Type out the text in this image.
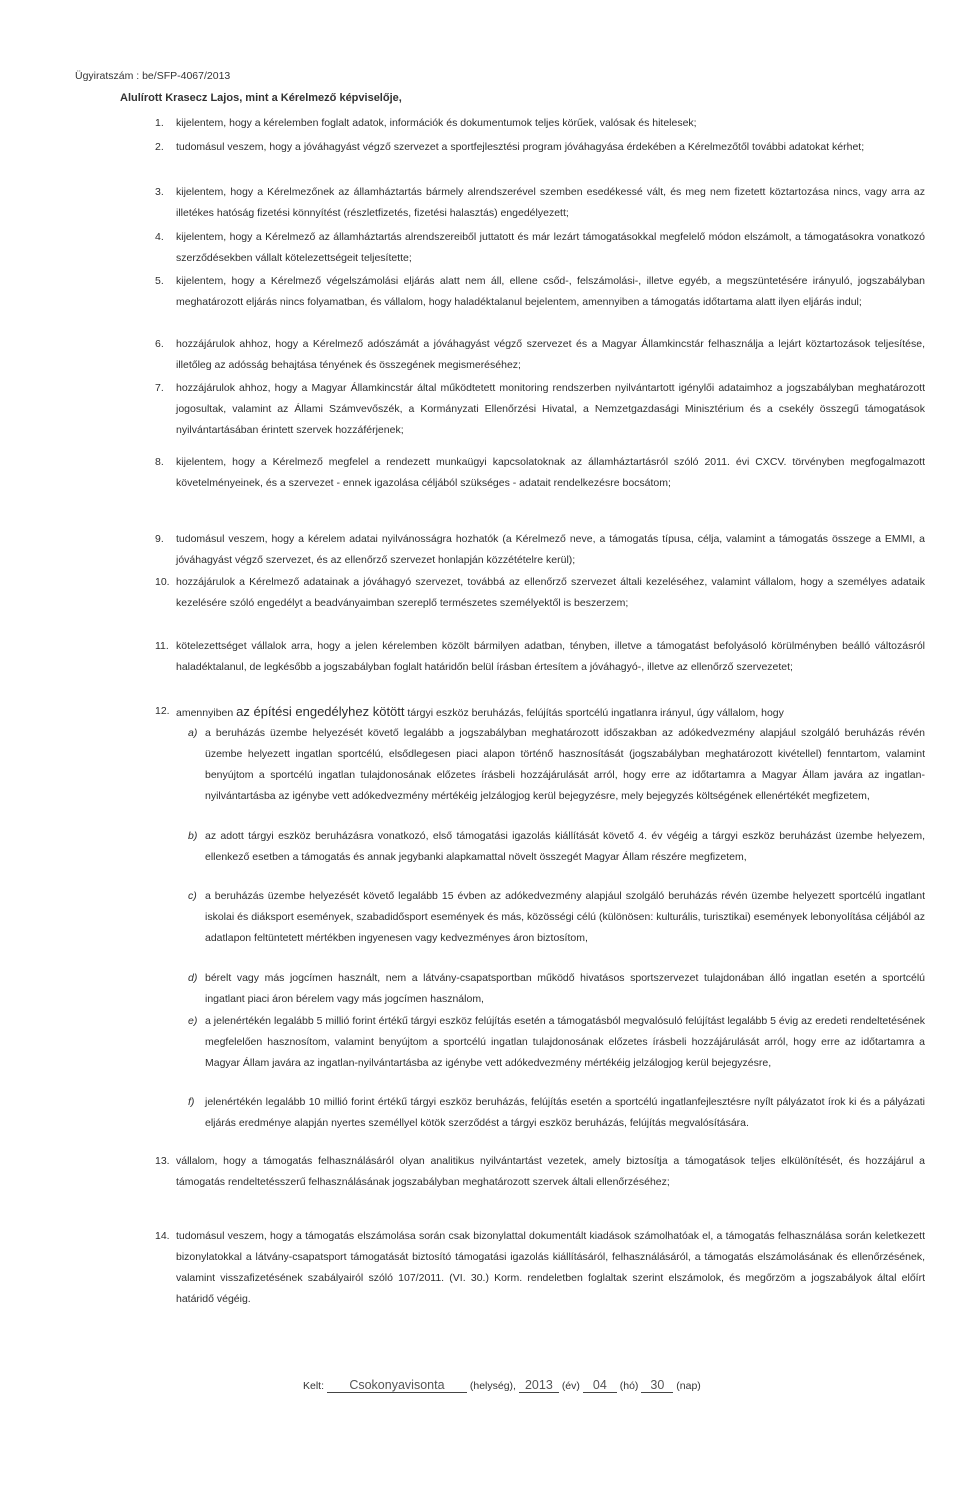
Ügyiratszám : be/SFP-4067/2013
Alulírott Krasecz Lajos, mint a Kérelmező képviselője,
1.	kijelentem, hogy a kérelemben foglalt adatok, információk és dokumentumok teljes körűek, valósak és hitelesek;
2.	tudomásul veszem, hogy a jóváhagyást végző szervezet a sportfejlesztési program jóváhagyása érdekében a Kérelmezőtől további adatokat kérhet;
3.	kijelentem, hogy a Kérelmezőnek az államháztartás bármely alrendszerével szemben esedékessé vált, és meg nem fizetett köztartozása nincs, vagy arra az illetékes hatóság fizetési könnyítést (részletfizetés, fizetési halasztás) engedélyezett;
4.	kijelentem, hogy a Kérelmező az államháztartás alrendszereiből juttatott és már lezárt támogatásokkal megfelelő módon elszámolt, a támogatásokra vonatkozó szerződésekben vállalt kötelezettségeit teljesítette;
5.	kijelentem, hogy a Kérelmező végelszámolási eljárás alatt nem áll, ellene csőd-, felszámolási-, illetve egyéb, a megszüntetésére irányuló, jogszabályban meghatározott eljárás nincs folyamatban, és vállalom, hogy haladéktalanul bejelentem, amennyiben a támogatás időtartama alatt ilyen eljárás indul;
6.	hozzájárulok ahhoz, hogy a Kérelmező adószámát a jóváhagyást végző szervezet és a Magyar Államkincstár felhasználja a lejárt köztartozások teljesítése, illetőleg az adósság behajtása tényének és összegének megismeréséhez;
7.	hozzájárulok ahhoz, hogy a Magyar Államkincstár által működtetett monitoring rendszerben nyilvántartott igénylői adataimhoz a jogszabályban meghatározott jogosultak, valamint az Állami Számvevőszék, a Kormányzati Ellenőrzési Hivatal, a Nemzetgazdasági Minisztérium és a csekély összegű támogatások nyilvántartásában érintett szervek hozzáférjenek;
8.	kijelentem, hogy a Kérelmező megfelel a rendezett munkaügyi kapcsolatoknak az államháztartásról szóló 2011. évi CXCV. törvényben megfogalmazott követelményeinek, és a szervezet - ennek igazolása céljából szükséges - adatait rendelkezésre bocsátom;
9.	tudomásul veszem, hogy a kérelem adatai nyilvánosságra hozhatók (a Kérelmező neve, a támogatás típusa, célja, valamint a támogatás összege a EMMI, a jóváhagyást végző szervezet, és az ellenőrző szervezet honlapján közzétételre kerül);
10. hozzájárulok a Kérelmező adatainak a jóváhagyó szervezet, továbbá az ellenőrző szervezet általi kezeléséhez, valamint vállalom, hogy a személyes adataik kezelésére szóló engedélyt a beadványaimban szereplő természetes személyektől is beszerzem;
11. kötelezettséget vállalok arra, hogy a jelen kérelemben közölt bármilyen adatban, tényben, illetve a támogatást befolyásoló körülményben beálló változásról haladéktalanul, de legkésőbb a jogszabályban foglalt határidőn belül írásban értesítem a jóváhagyó-, illetve az ellenőrző szervezetet;
12. amennyiben az építési engedélyhez kötött tárgyi eszköz beruházás, felújítás sportcélú ingatlanra irányul, úgy vállalom, hogy
a) a beruházás üzembe helyezését követő legalább a jogszabályban meghatározott időszakban az adókedvezmény alapjául szolgáló beruházás révén üzembe helyezett ingatlan sportcélú, elsődlegesen piaci alapon történő hasznosítását (jogszabályban meghatározott kivétellel) fenntartom, valamint benyújtom a sportcélú ingatlan tulajdonosának előzetes írásbeli hozzájárulását arról, hogy erre az időtartamra a Magyar Állam javára az ingatlan-nyilvántartásba az igénybe vett adókedvezmény mértékéig jelzálogjog kerül bejegyzésre, mely bejegyzés költségének ellenértékét megfizetem,
b) az adott tárgyi eszköz beruházásra vonatkozó, első támogatási igazolás kiállítását követő 4. év végéig a tárgyi eszköz beruházást üzembe helyezem, ellenkező esetben a támogatás és annak jegybanki alapkamattal növelt összegét Magyar Állam részére megfizetem,
c) a beruházás üzembe helyezését követő legalább 15 évben az adókedvezmény alapjául szolgáló beruházás révén üzembe helyezett sportcélú ingatlant iskolai és diáksport események, szabadidősport események és más, közösségi célú (különösen: kulturális, turisztikai) események lebonyolítása céljából az adatlapon feltüntetett mértékben ingyenesen vagy kedvezményes áron biztosítom,
d) bérelt vagy más jogcímen használt, nem a látvány-csapatsportban működő hivatásos sportszervezet tulajdonában álló ingatlan esetén a sportcélú ingatlant piaci áron bérelem vagy más jogcímen használom,
e) a jelenértékén legalább 5 millió forint értékű tárgyi eszköz felújítás esetén a támogatásból megvalósuló felújítást legalább 5 évig az eredeti rendeltetésének megfelelően hasznosítom, valamint benyújtom a sportcélú ingatlan tulajdonosának előzetes írásbeli hozzájárulását arról, hogy erre az időtartamra a Magyar Állam javára az ingatlan-nyilvántartásba az igénybe vett adókedvezmény mértékéig jelzálogjog kerül bejegyzésre,
f)	jelenértékén legalább 10 millió forint értékű tárgyi eszköz beruházás, felújítás esetén a sportcélú ingatlanfejlesztésre nyílt pályázatot írok ki és a pályázati eljárás eredménye alapján nyertes személlyel kötök szerződést a tárgyi eszköz beruházás, felújítás megvalósítására.
13. vállalom, hogy a támogatás felhasználásáról olyan analitikus nyilvántartást vezetek, amely biztosítja a támogatások teljes elkülönítését, és hozzájárul a támogatás rendeltetésszerű felhasználásának jogszabályban meghatározott szervek általi ellenőrzéséhez;
14. tudomásul veszem, hogy a támogatás elszámolása során csak bizonylattal dokumentált kiadások számolhatóak el, a támogatás felhasználása során keletkezett bizonylatokkal a látvány-csapatsport támogatását biztosító támogatási igazolás kiállításáról, felhasználásáról, a támogatás elszámolásának és ellenőrzésének, valamint visszafizetésének szabályairól szóló 107/2011. (VI. 30.) Korm. rendeletben foglaltak szerint elszámolok, és megőrzöm a jogszabályok által előírt határidő végéig.
Kelt: Csokonyavisonta (helység), 2013 (év) 04 (hó) 30 (nap)
